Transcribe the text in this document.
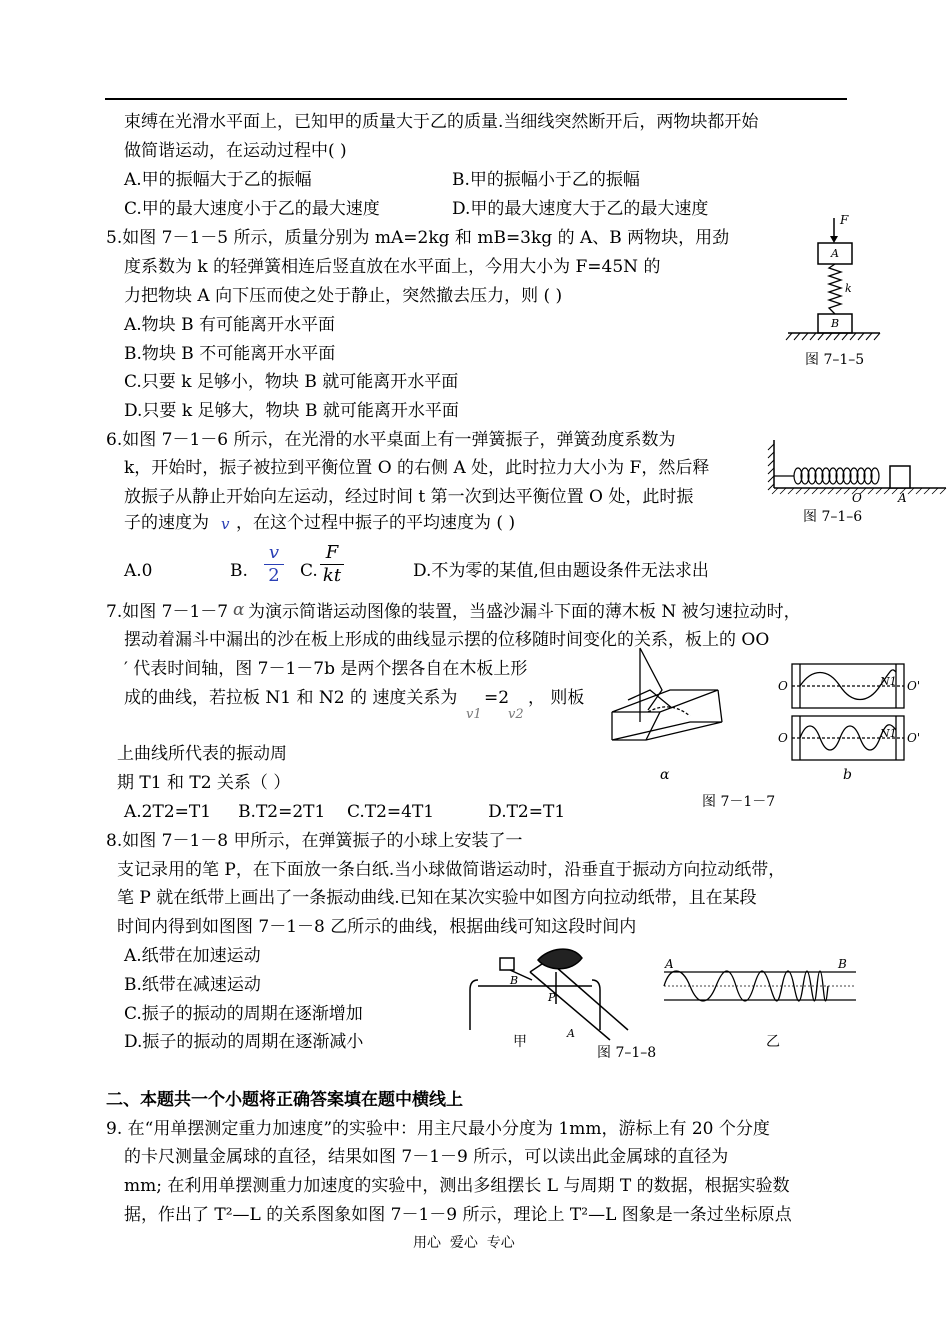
束缚在光滑水平面上，已知甲的质量大于乙的质量.当细线突然断开后，两物块都开始
做简谐运动，在运动过程中( )
A.甲的振幅大于乙的振幅	B.甲的振幅小于乙的振幅
C.甲的最大速度小于乙的最大速度	D.甲的最大速度大于乙的最大速度
5.如图 7－1－5 所示，质量分别为 mA=2kg 和 mB=3kg 的 A、B 两物块，用劲
度系数为 k 的轻弹簧相连后竖直放在水平面上，今用大小为 F=45N 的
力把物块 A 向下压而使之处于静止，突然撤去压力，则 ( )
A.物块 B 有可能离开水平面
B.物块 B 不可能离开水平面
C.只要 k 足够小，物块 B 就可能离开水平面
D.只要 k 足够大，物块 B 就可能离开水平面
F
A
k
B
图 7–1–5
6.如图 7－1－6 所示，在光滑的水平桌面上有一弹簧振子，弹簧劲度系数为
k，开始时，振子被拉到平衡位置 O 的右侧 A 处，此时拉力大小为 F，然后释
放振子从静止开始向左运动，经过时间 t 第一次到达平衡位置 O 处，此时振
子的速度为 v ，在这个过程中振子的平均速度为 ( )
A.0	B.
v
2 C.
F
kt	D.不为零的某值,但由题设条件无法求出
O	A
图 7–1–6
7.如图 7－1－7 α 为演示简谐运动图像的装置，当盛沙漏斗下面的薄木板 N 被匀速拉动时，
摆动着漏斗中漏出的沙在板上形成的曲线显示摆的位移随时间变化的关系，板上的 OO
′ 代表时间轴，图 7－1－7b 是两个摆各自在木板上形
成的曲线，若拉板 N1 和 N2 的 速度关系为
v1
=2
v2
， 则板
上曲线所代表的振动周
期 T1 和 T2 关系（ ）
A.2T2=T1     B.T2=2T1    C.T2=4T1          D.T2=T1
O	O'
N1
O	O'
N1
α	b
图 7－1－7
8.如图 7－1－8 甲所示，在弹簧振子的小球上安装了一
支记录用的笔 P，在下面放一条白纸.当小球做简谐运动时，沿垂直于振动方向拉动纸带，
笔 P 就在纸带上画出了一条振动曲线.已知在某次实验中如图方向拉动纸带，且在某段
时间内得到如图图 7－1－8 乙所示的曲线，根据曲线可知这段时间内
A.纸带在加速运动
B.纸带在减速运动
C.振子的振动的周期在逐渐增加
D.振子的振动的周期在逐渐减小
A	B
B
P
A
甲	乙
图 7–1–8
二、本题共一个小题将正确答案填在题中横线上
9. 在“用单摆测定重力加速度”的实验中：用主尺最小分度为 1mm，游标上有 20 个分度
的卡尺测量金属球的直径，结果如图 7－1－9 所示，可以读出此金属球的直径为
mm; 在利用单摆测重力加速度的实验中，测出多组摆长 L 与周期 T 的数据，根据实验数
据，作出了 T²—L 的关系图象如图 7－1－9 所示，理论上 T²—L 图象是一条过坐标原点
用心  爱心  专心
